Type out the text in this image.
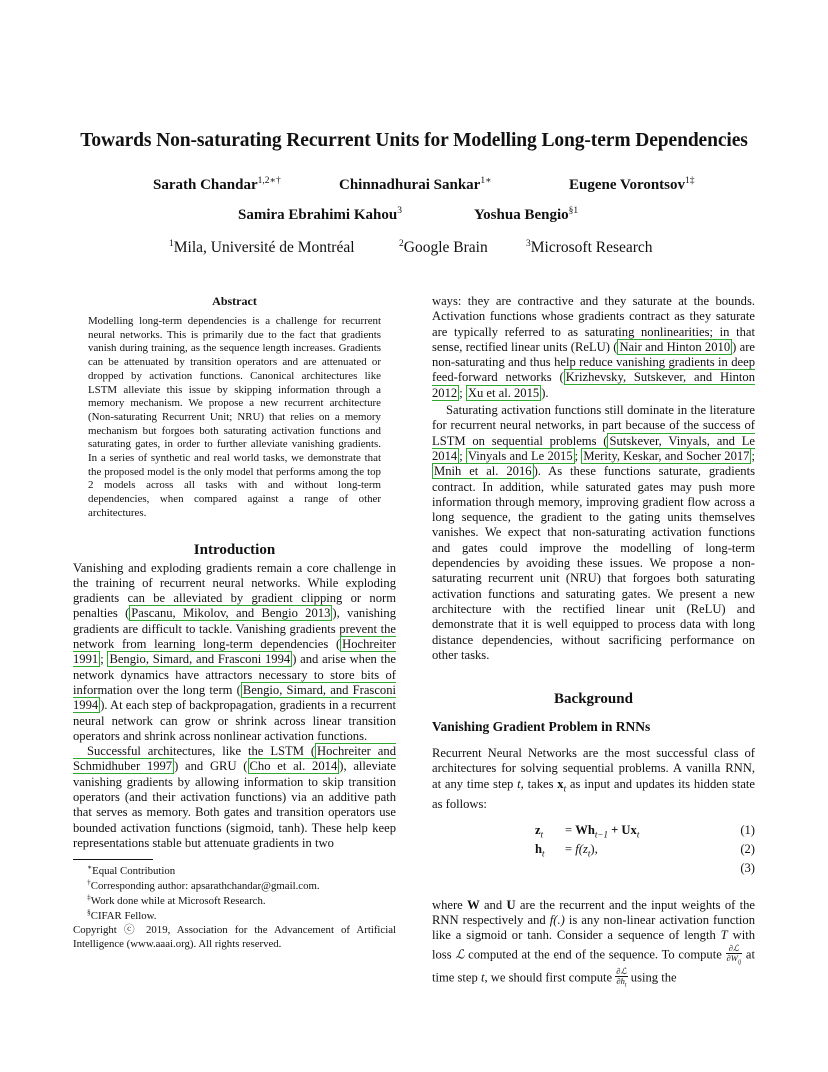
Towards Non-saturating Recurrent Units for Modelling Long-term Dependencies
Sarath Chandar$^{1,2∗\dagger}$	Chinnadhurai Sankar$^{1∗}$	Eugene Vorontsov$^{1\ddagger}$
Samira Ebrahimi Kahou$^3$	Yoshua Bengio$^{\S 1}$
$^1$Mila, Université de Montréal	$^2$Google Brain	$^3$Microsoft Research
Abstract
Modelling long-term dependencies is a challenge for recurrent neural networks. This is primarily due to the fact that gradients vanish during training, as the sequence length increases. Gradients can be attenuated by transition operators and are attenuated or dropped by activation functions. Canonical architectures like LSTM alleviate this issue by skipping information through a memory mechanism. We propose a new recurrent architecture (Non-saturating Recurrent Unit; NRU) that relies on a memory mechanism but forgoes both saturating activation functions and saturating gates, in order to further alleviate vanishing gradients. In a series of synthetic and real world tasks, we demonstrate that the proposed model is the only model that performs among the top 2 models across all tasks with and without long-term dependencies, when compared against a range of other architectures.
Introduction

Vanishing and exploding gradients remain a core challenge in the training of recurrent neural networks. While exploding gradients can be alleviated by gradient clipping or norm penalties ( Pascanu, Mikolov, and Bengio 2013 ), vanishing gradients are difficult to tackle. Vanishing gradients prevent the network from learning long-term dependencies ( Hochreiter 1991 ; Bengio, Simard, and Frasconi 1994 ) and arise when the network dynamics have attractors necessary to store bits of information over the long term ( Bengio, Simard, and Frasconi 1994 ). At each step of backpropagation, gradients in a recurrent neural network can grow or shrink across linear transition operators and shrink across nonlinear activation functions.

Successful architectures, like the LSTM ( Hochreiter and Schmidhuber 1997 ) and GRU ( Cho et al. 2014 ), alleviate vanishing gradients by allowing information to skip transition operators (and their activation functions) via an additive path that serves as memory. Both gates and transition operators use bounded activation functions (sigmoid, tanh). These help keep representations stable but attenuate gradients in two

∗Equal Contribution
†Corresponding author: apsarathchandar@gmail.com.
‡Work done while at Microsoft Research.
§CIFAR Fellow.
Copyright ⓒ 2019, Association for the Advancement of Artificial Intelligence (www.aaai.org). All rights reserved.

ways: they are contractive and they saturate at the bounds. Activation functions whose gradients contract as they saturate are typically referred to as saturating nonlinearities; in that sense, rectified linear units (ReLU) ( Nair and Hinton 2010 ) are non-saturating and thus help reduce vanishing gradients in deep feed-forward networks ( Krizhevsky, Sutskever, and Hinton 2012 ; Xu et al. 2015 ).

Saturating activation functions still dominate in the literature for recurrent neural networks, in part because of the success of LSTM on sequential problems ( Sutskever, Vinyals, and Le 2014 ; Vinyals and Le 2015 ; Merity, Keskar, and Socher 2017 ; Mnih et al. 2016 ). As these functions saturate, gradients contract. In addition, while saturated gates may push more information through memory, improving gradient flow across a long sequence, the gradient to the gating units themselves vanishes. We expect that non-saturating activation functions and gates could improve the modelling of long-term dependencies by avoiding these issues. We propose a non-saturating recurrent unit (NRU) that forgoes both saturating activation functions and saturating gates. We present a new architecture with the rectified linear unit (ReLU) and demonstrate that it is well equipped to process data with long distance dependencies, without sacrificing performance on other tasks.

Background
Vanishing Gradient Problem in RNNs

Recurrent Neural Networks are the most successful class of architectures for solving sequential problems. A vanilla RNN, at any time step t, takes $x_t$ as input and updates its hidden state as follows:

$z_t = Wh_{t-1} + Ux_t$	(1)
$h_t = f(z_t)$,	(2)
(3)

where W and U are the recurrent and the input weights of the RNN respectively and f(.) is any non-linear activation function like a sigmoid or tanh. Consider a sequence of length T with loss ℒ computed at the end of the sequence. To compute ∂ℒ
$\partial W_{ij}$
at time step t, we should first compute ∂ℒ
$\partial h_t$
using the
